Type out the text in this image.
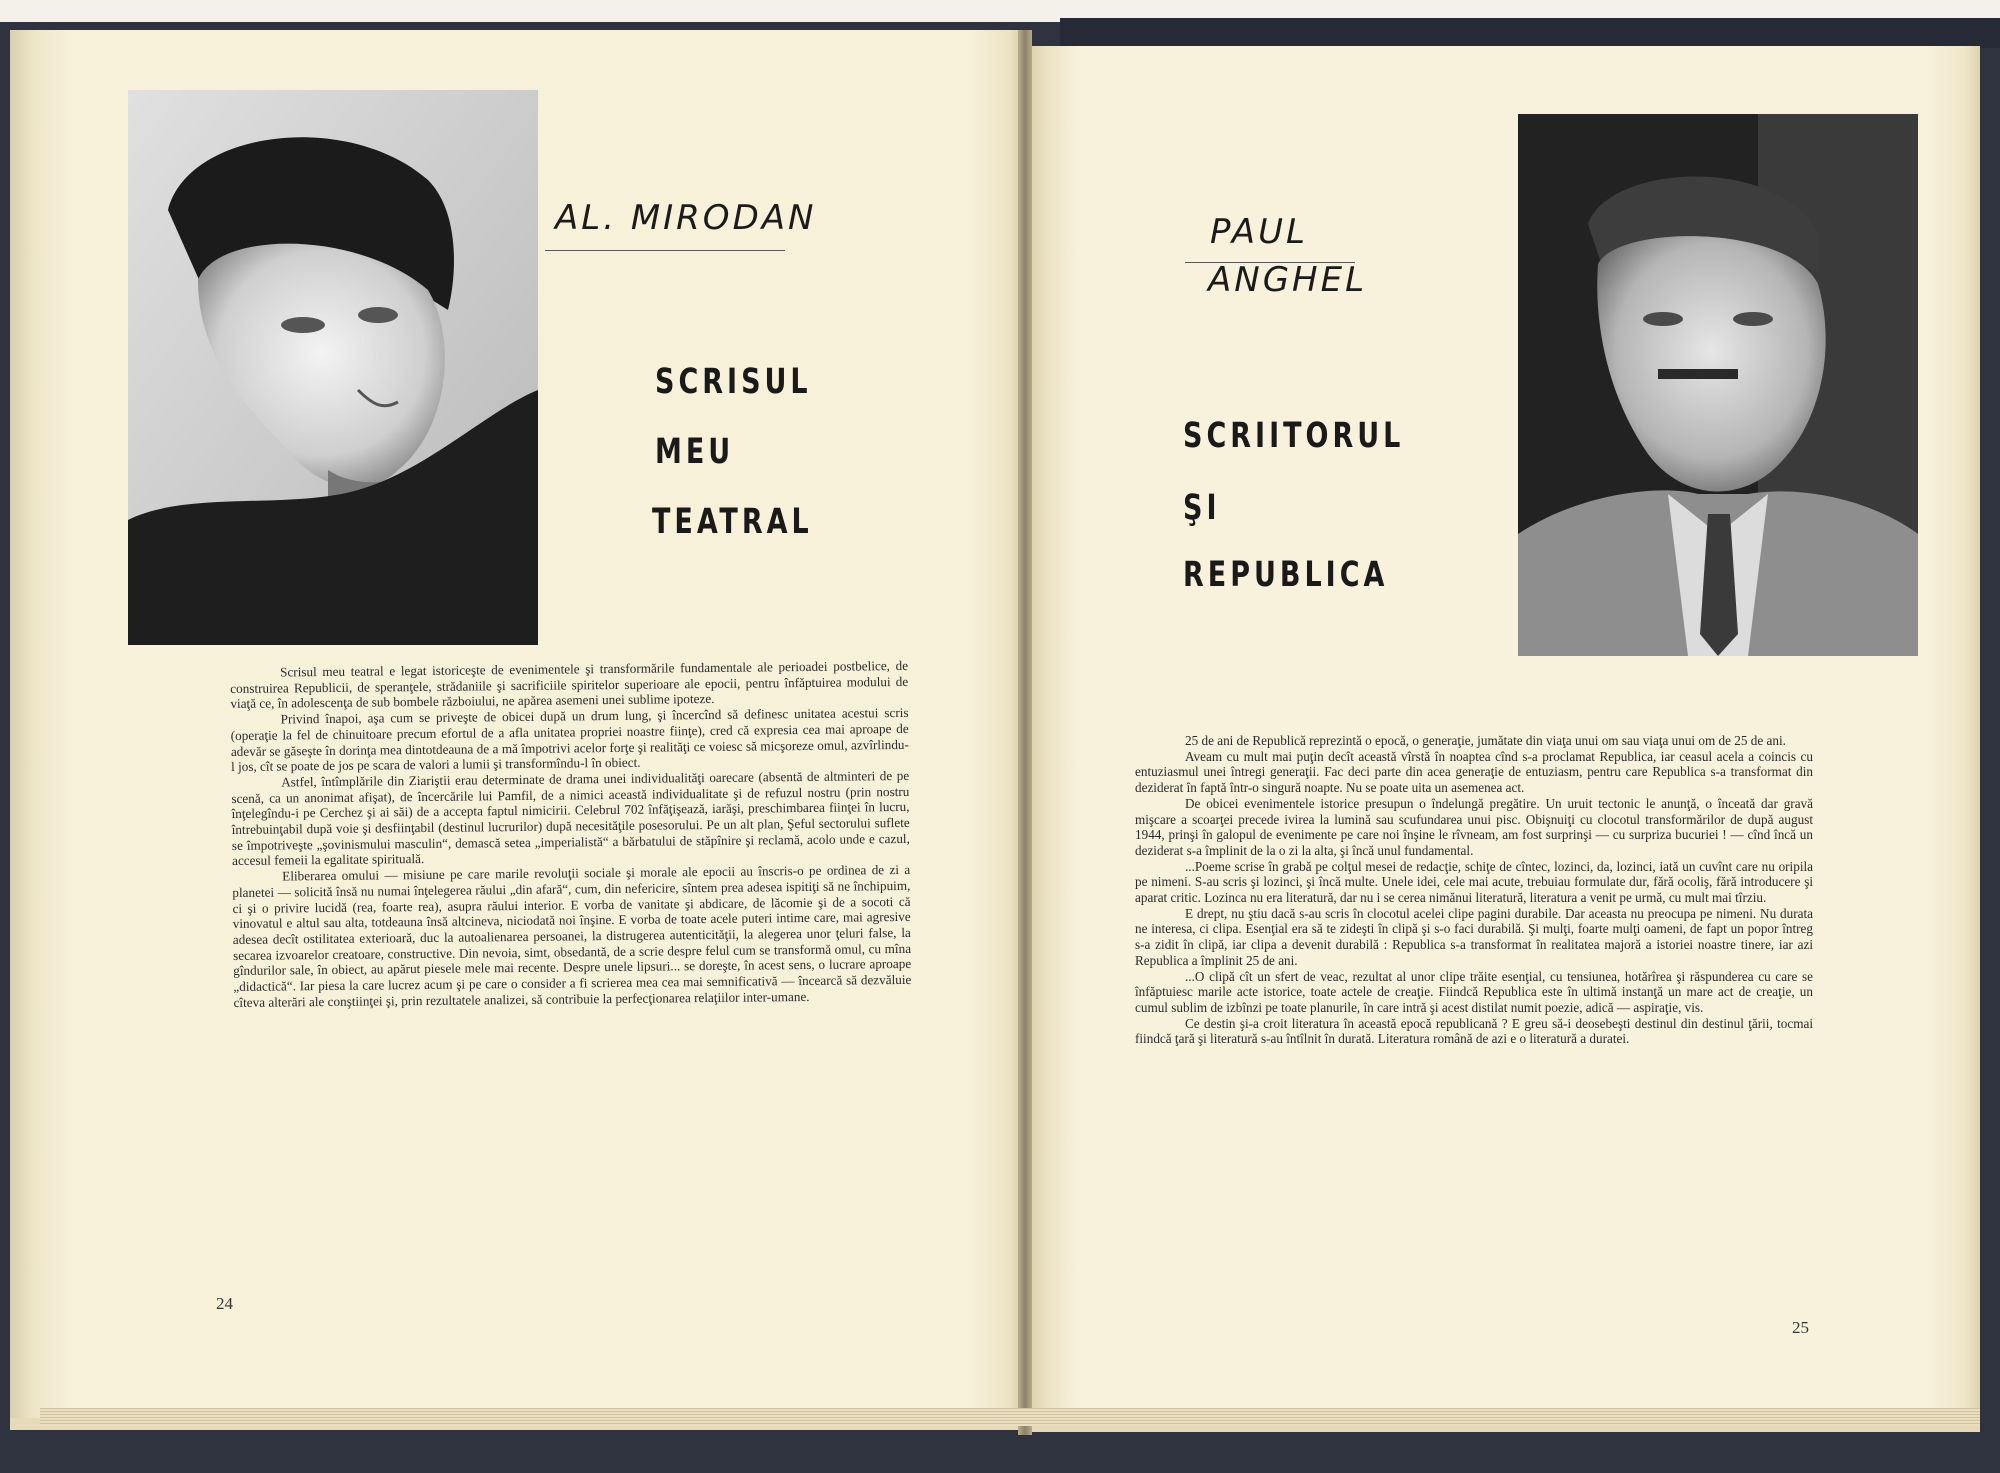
AL. MIRODAN
SCRISUL
MEU
TEATRAL

Scrisul meu teatral e legat istoriceşte de evenimentele şi transformările fundamentale ale perioadei postbelice, de construirea Republicii, de speranţele, strădaniile şi sacrificiile spiritelor superioare ale epocii, pentru înfăptuirea modului de viaţă ce, în adolescenţa de sub bombele războiului, ne apărea asemeni unei sublime ipoteze.

Privind înapoi, aşa cum se priveşte de obicei după un drum lung, şi încercînd să definesc unitatea acestui scris (operaţie la fel de chinuitoare precum efortul de a afla unitatea propriei noastre fiinţe), cred că expresia cea mai aproape de adevăr se găseşte în dorinţa mea dintotdeauna de a mă împotrivi acelor forţe şi realităţi ce voiesc să micşoreze omul, azvîrlindu-l jos, cît se poate de jos pe scara de valori a lumii şi transformîndu-l în obiect.

Astfel, întîmplările din Ziariştii erau determinate de drama unei individualităţi oarecare (absentă de altminteri de pe scenă, ca un anonimat afişat), de încercările lui Pamfil, de a nimici această individualitate şi de refuzul nostru (prin nostru înţelegîndu-i pe Cerchez şi ai săi) de a accepta faptul nimicirii. Celebrul 702 înfăţişează, iarăşi, preschimbarea fiinţei în lucru, întrebuinţabil după voie şi desfiinţabil (destinul lucrurilor) după necesităţile posesorului. Pe un alt plan, Şeful sectorului suflete se împotriveşte „şovinismului masculin“, demască setea „imperialistă“ a bărbatului de stăpînire şi reclamă, acolo unde e cazul, accesul femeii la egalitate spirituală.

Eliberarea omului — misiune pe care marile revoluţii sociale şi morale ale epocii au înscris-o pe ordinea de zi a planetei — solicită însă nu numai înţelegerea răului „din afară“, cum, din nefericire, sîntem prea adesea ispitiţi să ne închipuim, ci şi o privire lucidă (rea, foarte rea), asupra răului interior. E vorba de vanitate şi abdicare, de lăcomie şi de a socoti că vinovatul e altul sau alta, totdeauna însă altcineva, niciodată noi înşine. E vorba de toate acele puteri intime care, mai agresive adesea decît ostilitatea exterioară, duc la autoalienarea persoanei, la distrugerea autenticităţii, la alegerea unor ţeluri false, la secarea izvoarelor creatoare, constructive. Din nevoia, simt, obsedantă, de a scrie despre felul cum se transformă omul, cu mîna gîndurilor sale, în obiect, au apărut piesele mele mai recente. Despre unele lipsuri... se doreşte, în acest sens, o lucrare aproape „didactică“. Iar piesa la care lucrez acum şi pe care o consider a fi scrierea mea cea mai semnificativă — încearcă să dezvăluie cîteva alterări ale conştiinţei şi, prin rezultatele analizei, să contribuie la perfecţionarea relaţiilor inter-umane.

24

PAUL
ANGHEL
SCRIITORUL
ŞI
REPUBLICA

25 de ani de Republică reprezintă o epocă, o generaţie, jumătate din viaţa unui om sau viaţa unui om de 25 de ani.

Aveam cu mult mai puţin decît această vîrstă în noaptea cînd s-a proclamat Republica, iar ceasul acela a coincis cu entuziasmul unei întregi generaţii. Fac deci parte din acea generaţie de entuziasm, pentru care Republica s-a transformat din deziderat în faptă într-o singură noapte. Nu se poate uita un asemenea act.

De obicei evenimentele istorice presupun o îndelungă pregătire. Un uruit tectonic le anunţă, o înceată dar gravă mişcare a scoarţei precede ivirea la lumină sau scufundarea unui pisc. Obişnuiţi cu clocotul transformărilor de după august 1944, prinşi în galopul de evenimente pe care noi înşine le rîvneam, am fost surprinşi — cu surpriza bucuriei ! — cînd încă un deziderat s-a împlinit de la o zi la alta, şi încă unul fundamental.

...Poeme scrise în grabă pe colţul mesei de redacţie, schiţe de cîntec, lozinci, da, lozinci, iată un cuvînt care nu oripila pe nimeni. S-au scris şi lozinci, şi încă multe. Unele idei, cele mai acute, trebuiau formulate dur, fără ocoliş, fără introducere şi aparat critic. Lozinca nu era literatură, dar nu i se cerea nimănui literatură, literatura a venit pe urmă, cu mult mai tîrziu.

E drept, nu ştiu dacă s-au scris în clocotul acelei clipe pagini durabile. Dar aceasta nu preocupa pe nimeni. Nu durata ne interesa, ci clipa. Esenţial era să te zideşti în clipă şi s-o faci durabilă. Şi mulţi, foarte mulţi oameni, de fapt un popor întreg s-a zidit în clipă, iar clipa a devenit durabilă : Republica s-a transformat în realitatea majoră a istoriei noastre tinere, iar azi Republica a împlinit 25 de ani.

...O clipă cît un sfert de veac, rezultat al unor clipe trăite esenţial, cu tensiunea, hotărîrea şi răspunderea cu care se înfăptuiesc marile acte istorice, toate actele de creaţie. Fiindcă Republica este în ultimă instanţă un mare act de creaţie, un cumul sublim de izbînzi pe toate planurile, în care intră şi acest distilat numit poezie, adică — aspiraţie, vis.

Ce destin şi-a croit literatura în această epocă republicană ? E greu să-i deosebeşti destinul din destinul ţării, tocmai fiindcă ţară şi literatură s-au întîlnit în durată. Literatura română de azi e o literatură a duratei.

25
